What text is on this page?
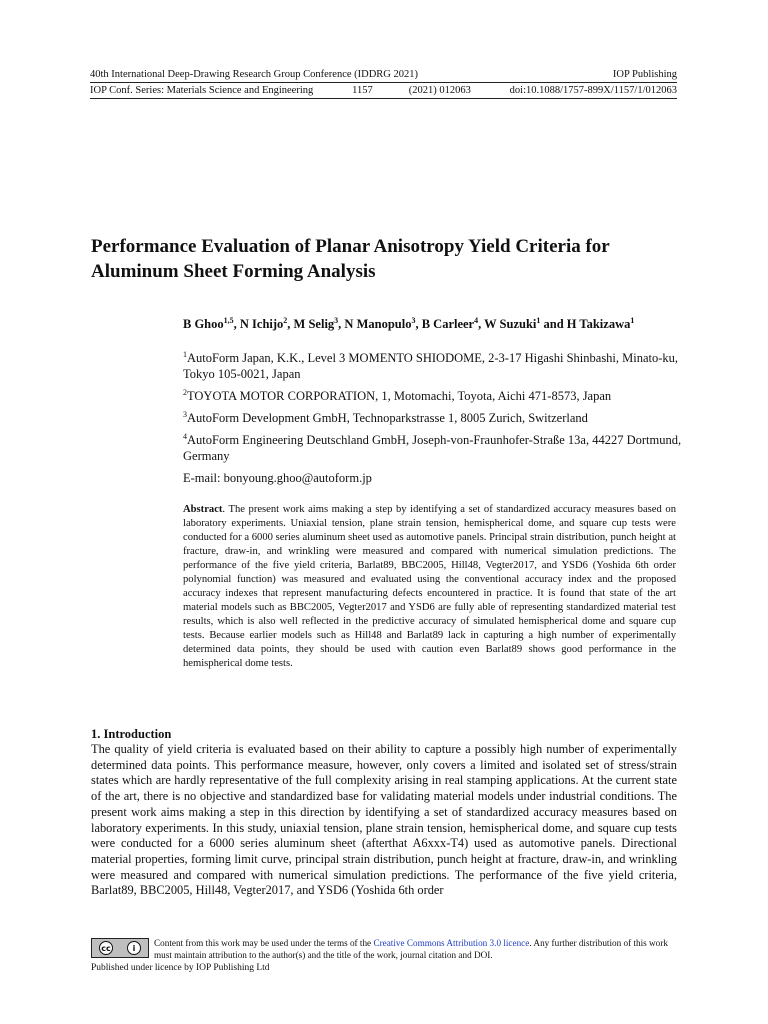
40th International Deep-Drawing Research Group Conference (IDDRG 2021)	IOP Publishing
IOP Conf. Series: Materials Science and Engineering	1157	(2021) 012063	doi:10.1088/1757-899X/1157/1/012063
Performance Evaluation of Planar Anisotropy Yield Criteria for Aluminum Sheet Forming Analysis
B Ghoo$^{1,5}$, N Ichijo$^2$, M Selig$^3$, N Manopulo$^3$, B Carleer$^4$, W Suzuki$^1$ and H Takizawa$^1$

$^1$AutoForm Japan, K.K., Level 3 MOMENTO SHIODOME, 2-3-17 Higashi Shinbashi, Minato-ku, Tokyo 105-0021, Japan

$^2$TOYOTA MOTOR CORPORATION, 1, Motomachi, Toyota, Aichi 471-8573, Japan

$^3$AutoForm Development GmbH, Technoparkstrasse 1, 8005 Zurich, Switzerland

$^4$AutoForm Engineering Deutschland GmbH, Joseph-von-Fraunhofer-Straße 13a, 44227 Dortmund, Germany

E-mail: bonyoung.ghoo@autoform.jp

Abstract. The present work aims making a step by identifying a set of standardized accuracy measures based on laboratory experiments. Uniaxial tension, plane strain tension, hemispherical dome, and square cup tests were conducted for a 6000 series aluminum sheet used as automotive panels. Principal strain distribution, punch height at fracture, draw-in, and wrinkling were measured and compared with numerical simulation predictions. The performance of the five yield criteria, Barlat89, BBC2005, Hill48, Vegter2017, and YSD6 (Yoshida 6th order polynomial function) was measured and evaluated using the conventional accuracy index and the proposed accuracy indexes that represent manufacturing defects encountered in practice. It is found that state of the art material models such as BBC2005, Vegter2017 and YSD6 are fully able of representing standardized material test results, which is also well reflected in the predictive accuracy of simulated hemispherical dome and square cup tests. Because earlier models such as Hill48 and Barlat89 lack in capturing a high number of experimentally determined data points, they should be used with caution even Barlat89 shows good performance in the hemispherical dome tests.

1. Introduction

The quality of yield criteria is evaluated based on their ability to capture a possibly high number of experimentally determined data points. This performance measure, however, only covers a limited and isolated set of stress/strain states which are hardly representative of the full complexity arising in real stamping applications. At the current state of the art, there is no objective and standardized base for validating material models under industrial conditions. The present work aims making a step in this direction by identifying a set of standardized accuracy measures based on laboratory experiments. In this study, uniaxial tension, plane strain tension, hemispherical dome, and square cup tests were conducted for a 6000 series aluminum sheet (afterthat A6xxx-T4) used as automotive panels. Directional material properties, forming limit curve, principal strain distribution, punch height at fracture, draw-in, and wrinkling were measured and compared with numerical simulation predictions. The performance of the five yield criteria, Barlat89, BBC2005, Hill48, Vegter2017, and YSD6 (Yoshida 6th order

cc	i	Content from this work may be used under the terms of the Creative Commons Attribution 3.0 licence. Any further distribution of this work must maintain attribution to the author(s) and the title of the work, journal citation and DOI.

Published under licence by IOP Publishing Ltd
